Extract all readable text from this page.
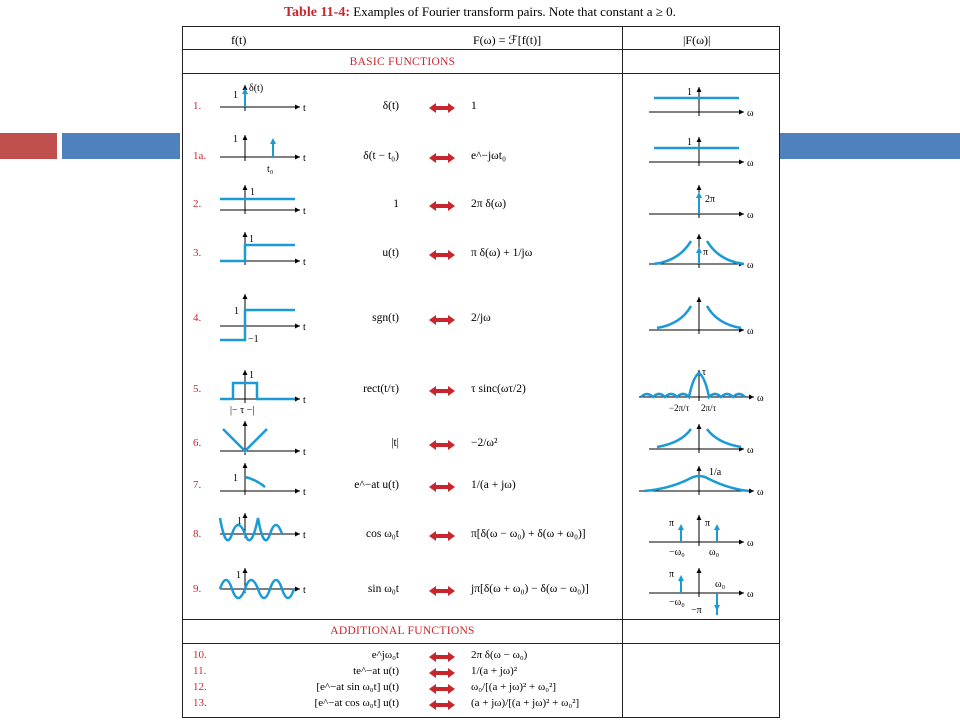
Table 11-4: Examples of Fourier transform pairs. Note that constant a ≥ 0.
f(t)	F(ω) = ℱ[f(t)]	|F(ω)|
BASIC FUNCTIONS
ADDITIONAL FUNCTIONS
1.	δ(t)	1
t
1
δ(t)
ω
1
1a.	δ(t − t₀)	e^−jωt₀
t
1
t₀
ω
1
2.	1	2π δ(ω)
t
1
ω
2π
3.	u(t)	π δ(ω) + 1/jω
t
1
ω
π
4.	sgn(t)	2/jω
t
1
−1
ω
5.	rect(t/τ)	τ sinc(ωτ/2)
t
1
|− τ −|
ω
τ
−2π/τ 2π/τ
6.	|t|	−2/ω²
t	ω
7.	e^−at u(t)	1/(a + jω)
t
1
ω
1/a
8.	cos ω₀t	π[δ(ω − ω₀) + δ(ω + ω₀)]
t
1
ω
π	π
−ω₀ ω₀
9.	sin ω₀t	jπ[δ(ω + ω₀) − δ(ω − ω₀)]
t
1
ω
π
ω₀
−ω₀
−π
10.	e^jω₀t	2π δ(ω − ω₀)
11.	te^−at u(t)	1/(a + jω)²
12.	[e^−at sin ω₀t] u(t)	ω₀/[(a + jω)² + ω₀²]
13.	[e^−at cos ω₀t] u(t)	(a + jω)/[(a + jω)² + ω₀²]
